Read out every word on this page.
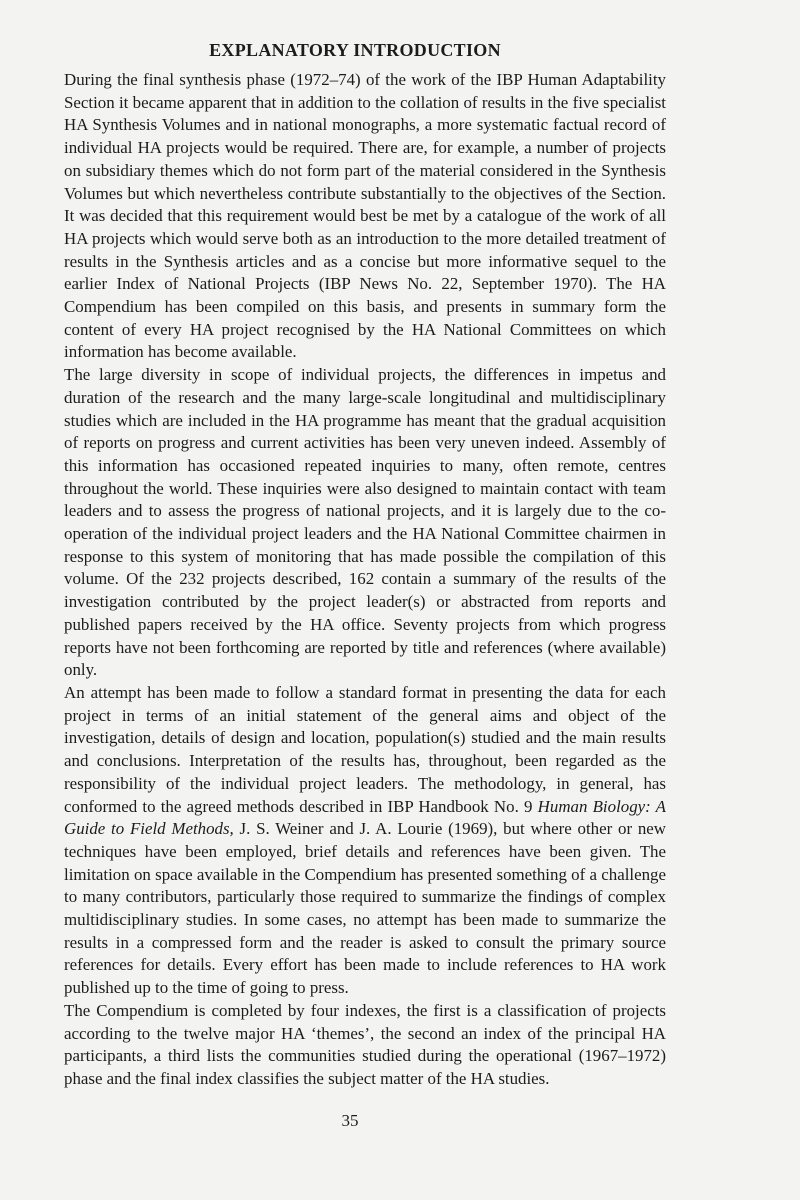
EXPLANATORY INTRODUCTION

During the final synthesis phase (1972–74) of the work of the IBP Human Adaptability Section it became apparent that in addition to the collation of results in the five specialist HA Synthesis Volumes and in national monographs, a more systematic factual record of individual HA projects would be required. There are, for example, a number of projects on subsidiary themes which do not form part of the material considered in the Synthesis Volumes but which nevertheless contribute substantially to the objectives of the Section. It was decided that this requirement would best be met by a catalogue of the work of all HA projects which would serve both as an introduction to the more detailed treatment of results in the Synthesis articles and as a concise but more informative sequel to the earlier Index of National Projects (IBP News No. 22, September 1970). The HA Compendium has been compiled on this basis, and presents in summary form the content of every HA project recognised by the HA National Committees on which information has become available.

The large diversity in scope of individual projects, the differences in impetus and duration of the research and the many large-scale longitudinal and multidisciplinary studies which are included in the HA programme has meant that the gradual acquisition of reports on progress and current activities has been very uneven indeed. Assembly of this information has occasioned repeated inquiries to many, often remote, centres throughout the world. These inquiries were also designed to maintain contact with team leaders and to assess the progress of national projects, and it is largely due to the co-operation of the individual project leaders and the HA National Committee chairmen in response to this system of monitoring that has made possible the compilation of this volume. Of the 232 projects described, 162 contain a summary of the results of the investigation contributed by the project leader(s) or abstracted from reports and published papers received by the HA office. Seventy projects from which progress reports have not been forthcoming are reported by title and references (where available) only.

An attempt has been made to follow a standard format in presenting the data for each project in terms of an initial statement of the general aims and object of the investigation, details of design and location, population(s) studied and the main results and conclusions. Interpretation of the results has, throughout, been regarded as the responsibility of the individual project leaders. The methodology, in general, has conformed to the agreed methods described in IBP Handbook No. 9 Human Biology: A Guide to Field Methods, J. S. Weiner and J. A. Lourie (1969), but where other or new techniques have been employed, brief details and references have been given. The limitation on space available in the Compendium has presented something of a challenge to many contributors, particularly those required to summarize the findings of complex multidisciplinary studies. In some cases, no attempt has been made to summarize the results in a compressed form and the reader is asked to consult the primary source references for details. Every effort has been made to include references to HA work published up to the time of going to press.

The Compendium is completed by four indexes, the first is a classification of projects according to the twelve major HA ‘themes’, the second an index of the principal HA participants, a third lists the communities studied during the operational (1967–1972) phase and the final index classifies the subject matter of the HA studies.

35
